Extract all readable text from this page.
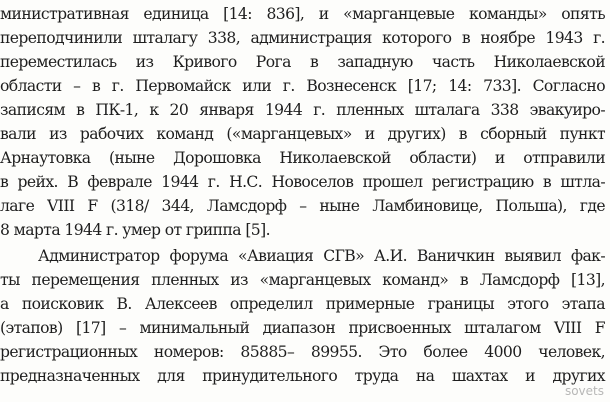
министративная единица [14: 836], и «марганцевые команды» опять

переподчинили шталагу 338, администрация которого в ноябре 1943 г.

переместилась из Кривого Рога в западную часть Николаевской

области – в г. Первомайск или г. Вознесенск [17; 14: 733]. Согласно

записям в ПК-1, к 20 января 1944 г. пленных шталага 338 эвакуиро-

вали из рабочих команд («марганцевых» и других) в сборный пункт

Арнаутовка (ныне Дорошовка Николаевской области) и отправили

в рейх. В феврале 1944 г. Н.С. Новоселов прошел регистрацию в штла-

лаге VIII F (318/ 344, Ламсдорф – ныне Ламбиновице, Польша), где

8 марта 1944 г. умер от гриппа [5].

Администратор форума «Авиация СГВ» А.И. Ваничкин выявил фак-

ты перемещения пленных из «марганцевых команд» в Ламсдорф [13],

а поисковик В. Алексеев определил примерные границы этого этапа

(этапов) [17] – минимальный диапазон присвоенных шталагом VIII F

регистрационных номеров: 85885– 89955. Это более 4000 человек,

предназначенных для принудительного труда на шахтах и других

sovets
